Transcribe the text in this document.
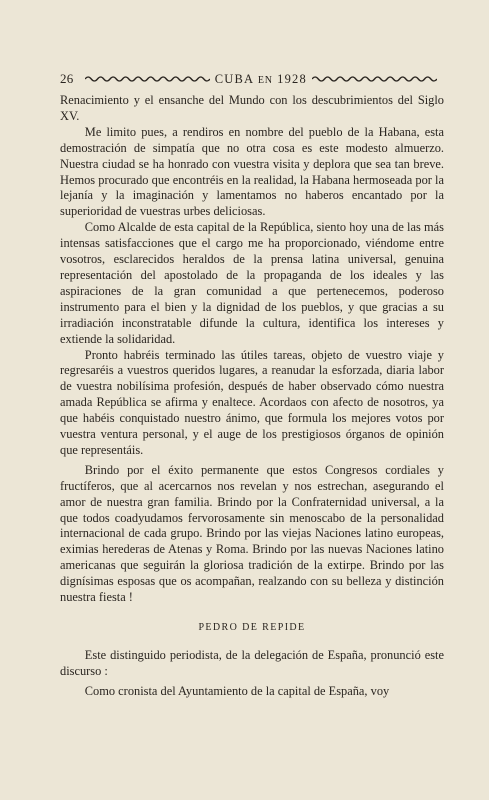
26	CUBA EN 1928

Renacimiento y el ensanche del Mundo con los descubrimientos del Siglo XV.

Me limito pues, a rendiros en nombre del pueblo de la Habana, esta demostración de simpatía que no otra cosa es este modesto almuerzo. Nuestra ciudad se ha honrado con vuestra visita y deplora que sea tan breve. Hemos procurado que encontréis en la realidad, la Habana hermoseada por la lejanía y la imaginación y lamentamos no haberos encantado por la superioridad de vuestras urbes deliciosas.

Como Alcalde de esta capital de la República, siento hoy una de las más intensas satisfacciones que el cargo me ha proporcionado, viéndome entre vosotros, esclarecidos heraldos de la prensa latina universal, genuina representación del apostolado de la propaganda de los ideales y las aspiraciones de la gran comunidad a que pertenecemos, poderoso instrumento para el bien y la dignidad de los pueblos, y que gracias a su irradiación inconstratable difunde la cultura, identifica los intereses y extiende la solidaridad.

Pronto habréis terminado las útiles tareas, objeto de vuestro viaje y regresaréis a vuestros queridos lugares, a reanudar la esforzada, diaria labor de vuestra nobilísima profesión, después de haber observado cómo nuestra amada República se afirma y enaltece. Acordaos con afecto de nosotros, ya que habéis conquistado nuestro ánimo, que formula los mejores votos por vuestra ventura personal, y el auge de los prestigiosos órganos de opinión que representáis.

Brindo por el éxito permanente que estos Congresos cordiales y fructíferos, que al acercarnos nos revelan y nos estrechan, asegurando el amor de nuestra gran familia. Brindo por la Confraternidad universal, a la que todos coadyudamos fervorosamente sin menoscabo de la personalidad internacional de cada grupo. Brindo por las viejas Naciones latino europeas, eximias herederas de Atenas y Roma. Brindo por las nuevas Naciones latino americanas que seguirán la gloriosa tradición de la extirpe. Brindo por las dignísimas esposas que os acompañan, realzando con su belleza y distinción nuestra fiesta !

PEDRO DE REPIDE

Este distinguido periodista, de la delegación de España, pronunció este discurso :

Como cronista del Ayuntamiento de la capital de España, voy
